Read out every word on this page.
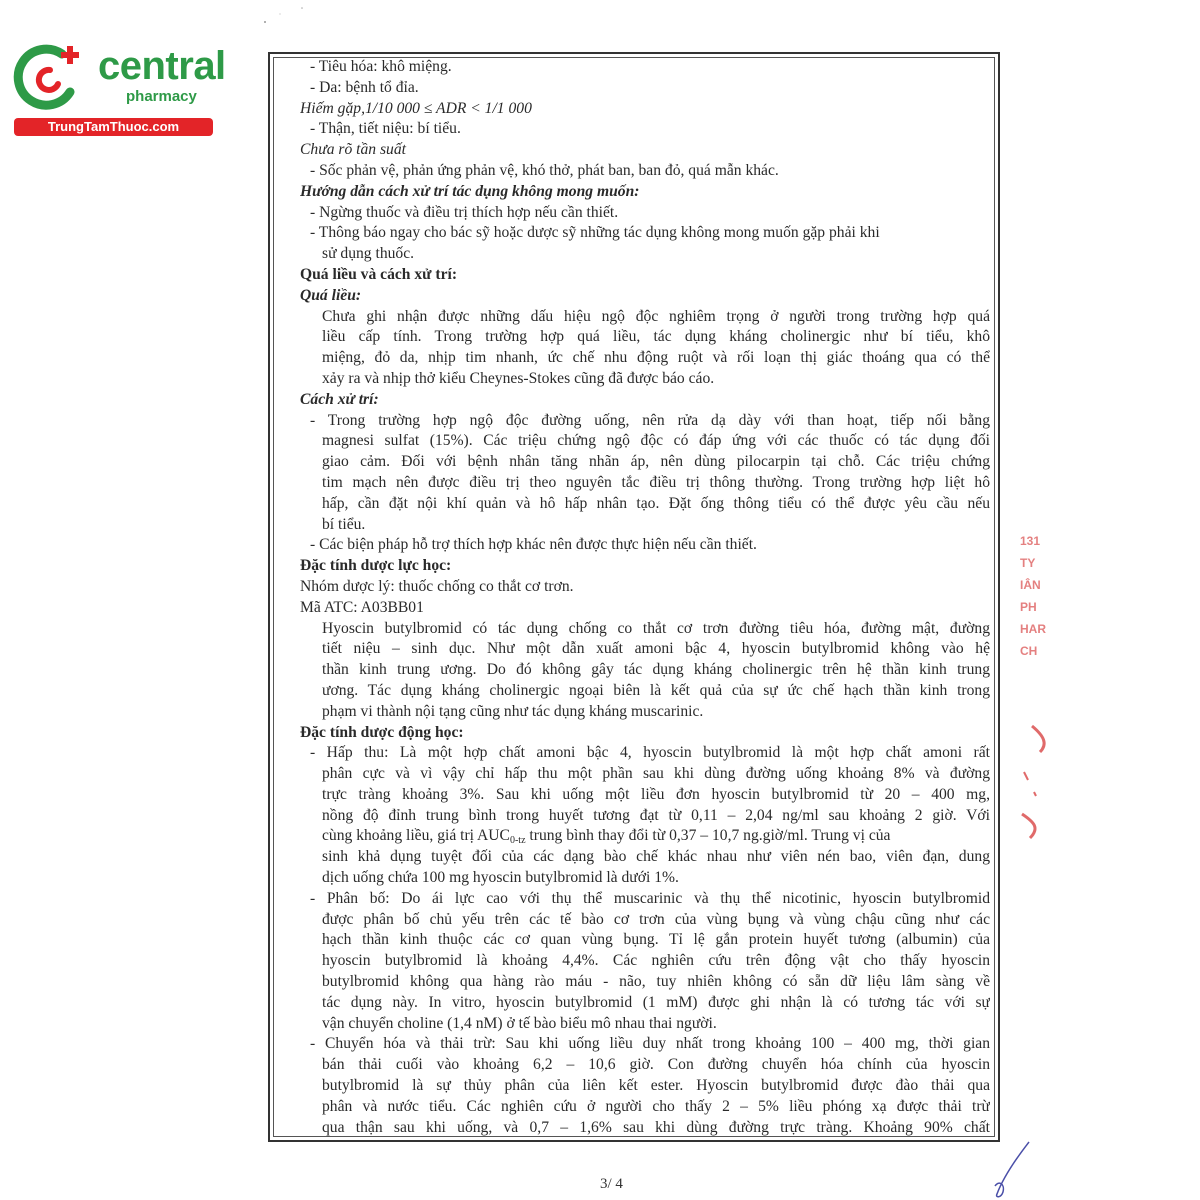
central
pharmacy
TrungTamThuoc.com
- Tiêu hóa: khô miệng.
- Da: bệnh tổ đỉa.
Hiếm gặp,1/10 000 ≤ ADR < 1/1 000
- Thận, tiết niệu: bí tiểu.
Chưa rõ tần suất
- Sốc phản vệ, phản ứng phản vệ, khó thở, phát ban, ban đỏ, quá mẫn khác.
Hướng dẫn cách xử trí tác dụng không mong muốn:
- Ngừng thuốc và điều trị thích hợp nếu cần thiết.
- Thông báo ngay cho bác sỹ hoặc dược sỹ những tác dụng không mong muốn gặp phải khi
sử dụng thuốc.
Quá liều và cách xử trí:
Quá liều:
Chưa ghi nhận được những dấu hiệu ngộ độc nghiêm trọng ở người trong trường hợp quá
liều cấp tính. Trong trường hợp quá liều, tác dụng kháng cholinergic như bí tiểu, khô
miệng, đỏ da, nhịp tim nhanh, ức chế nhu động ruột và rối loạn thị giác thoáng qua có thể
xảy ra và nhịp thở kiểu Cheynes-Stokes cũng đã được báo cáo.
Cách xử trí:
- Trong trường hợp ngộ độc đường uống, nên rửa dạ dày với than hoạt, tiếp nối bằng
magnesi sulfat (15%). Các triệu chứng ngộ độc có đáp ứng với các thuốc có tác dụng đối
giao cảm. Đối với bệnh nhân tăng nhãn áp, nên dùng pilocarpin tại chỗ. Các triệu chứng
tim mạch nên được điều trị theo nguyên tắc điều trị thông thường. Trong trường hợp liệt hô
hấp, cần đặt nội khí quản và hô hấp nhân tạo. Đặt ống thông tiểu có thể được yêu cầu nếu
bí tiểu.
- Các biện pháp hỗ trợ thích hợp khác nên được thực hiện nếu cần thiết.
Đặc tính dược lực học:
Nhóm dược lý: thuốc chống co thắt cơ trơn.
Mã ATC: A03BB01
Hyoscin butylbromid có tác dụng chống co thắt cơ trơn đường tiêu hóa, đường mật, đường
tiết niệu – sinh dục. Như một dẫn xuất amoni bậc 4, hyoscin butylbromid không vào hệ
thần kinh trung ương. Do đó không gây tác dụng kháng cholinergic trên hệ thần kinh trung
ương. Tác dụng kháng cholinergic ngoại biên là kết quả của sự ức chế hạch thần kinh trong
phạm vi thành nội tạng cũng như tác dụng kháng muscarinic.
Đặc tính dược động học:
- Hấp thu: Là một hợp chất amoni bậc 4, hyoscin butylbromid là một hợp chất amoni rất
phân cực và vì vậy chỉ hấp thu một phần sau khi dùng đường uống khoảng 8% và đường
trực tràng khoảng 3%. Sau khi uống một liều đơn hyoscin butylbromid từ 20 – 400 mg,
nồng độ đỉnh trung bình trong huyết tương đạt từ 0,11 – 2,04 ng/ml sau khoảng 2 giờ. Với
cùng khoảng liều, giá trị $AUC_{0-tz}$ trung bình thay đổi từ 0,37 – 10,7 ng.giờ/ml. Trung vị của
sinh khả dụng tuyệt đối của các dạng bào chế khác nhau như viên nén bao, viên đạn, dung
dịch uống chứa 100 mg hyoscin butylbromid là dưới 1%.
- Phân bố: Do ái lực cao với thụ thể muscarinic và thụ thể nicotinic, hyoscin butylbromid
được phân bố chủ yếu trên các tế bào cơ trơn của vùng bụng và vùng chậu cũng như các
hạch thần kinh thuộc các cơ quan vùng bụng. Tỉ lệ gắn protein huyết tương (albumin) của
hyoscin butylbromid là khoảng 4,4%. Các nghiên cứu trên động vật cho thấy hyoscin
butylbromid không qua hàng rào máu - não, tuy nhiên không có sẵn dữ liệu lâm sàng về
tác dụng này. In vitro, hyoscin butylbromid (1 mM) được ghi nhận là có tương tác với sự
vận chuyển choline (1,4 nM) ở tế bào biểu mô nhau thai người.
- Chuyển hóa và thải trừ: Sau khi uống liều duy nhất trong khoảng 100 – 400 mg, thời gian
bán thải cuối vào khoảng 6,2 – 10,6 giờ. Con đường chuyển hóa chính của hyoscin
butylbromid là sự thủy phân của liên kết ester. Hyoscin butylbromid được đào thải qua
phân và nước tiểu. Các nghiên cứu ở người cho thấy 2 – 5% liều phóng xạ được thải trừ
qua thận sau khi uống, và 0,7 – 1,6% sau khi dùng đường trực tràng. Khoảng 90% chất
131
TY
IÂN
PH
HAR
CH
3/ 4
